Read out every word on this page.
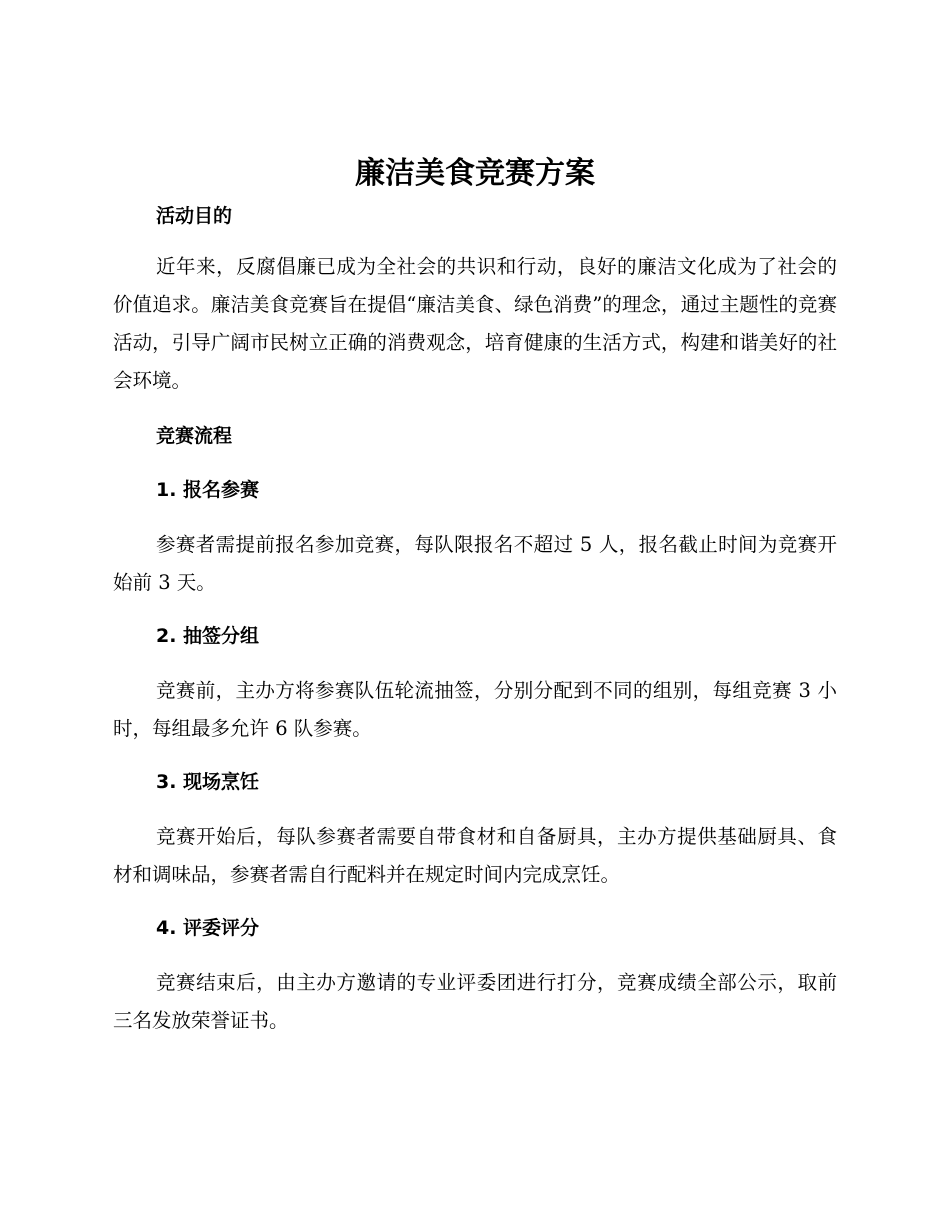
廉洁美食竞赛方案
活动目的
近年来，反腐倡廉已成为全社会的共识和行动，良好的廉洁文化成为了社会的价值追求。廉洁美食竞赛旨在提倡“廉洁美食、绿色消费”的理念，通过主题性的竞赛活动，引导广阔市民树立正确的消费观念，培育健康的生活方式，构建和谐美好的社会环境。
竞赛流程
1. 报名参赛
参赛者需提前报名参加竞赛，每队限报名不超过 5 人，报名截止时间为竞赛开始前 3 天。
2. 抽签分组
竞赛前，主办方将参赛队伍轮流抽签，分别分配到不同的组别，每组竞赛 3 小时，每组最多允许 6 队参赛。
3. 现场烹饪
竞赛开始后，每队参赛者需要自带食材和自备厨具，主办方提供基础厨具、食材和调味品，参赛者需自行配料并在规定时间内完成烹饪。
4. 评委评分
竞赛结束后，由主办方邀请的专业评委团进行打分，竞赛成绩全部公示，取前三名发放荣誉证书。
